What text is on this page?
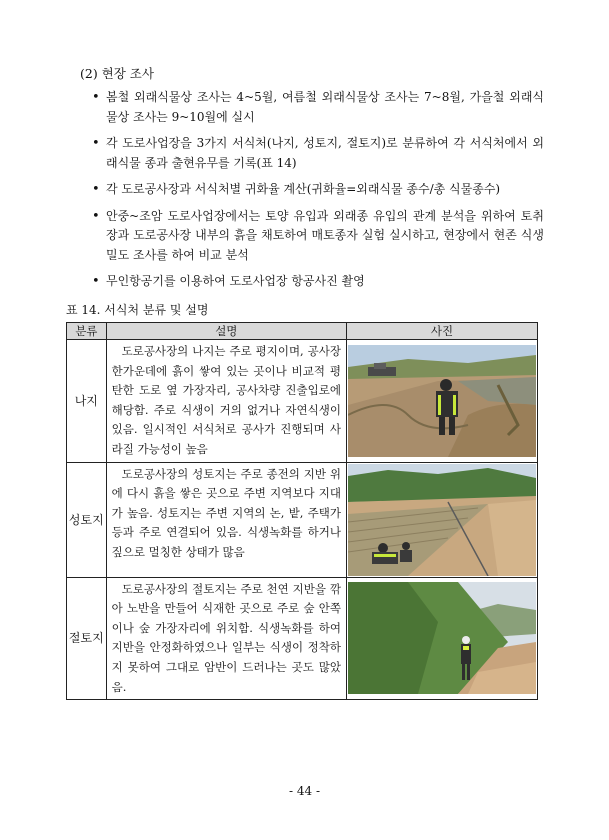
(2) 현장 조사
• 봄철 외래식물상 조사는 4~5월, 여름철 외래식물상 조사는 7~8월, 가을철 외래식물상 조사는 9~10월에 실시
• 각 도로사업장을 3가지 서식처(나지, 성토지, 절토지)로 분류하여 각 서식처에서 외래식물 종과 출현유무를 기록(표 14)
• 각 도로공사장과 서식처별 귀화율 계산(귀화율=외래식물 종수/총 식물종수)
• 안중~조암 도로사업장에서는 토양 유입과 외래종 유입의 관계 분석을 위하여 토취장과 도로공사장 내부의 흙을 채토하여 매토종자 실험 실시하고, 현장에서 현존 식생 밀도 조사를 하여 비교 분석
• 무인항공기를 이용하여 도로사업장 항공사진 촬영
표 14. 서식처 분류 및 설명
분류	설명	사진
나지	도로공사장의 나지는 주로 평지이며, 공사장 한가운데에 흙이 쌓여 있는 곳이나 비교적 평탄한 도로 옆 가장자리, 공사차량 진출입로에 해당함. 주로 식생이 거의 없거나 자연식생이 있음. 일시적인 서식처로 공사가 진행되며 사라질 가능성이 높음	

성토지	도로공사장의 성토지는 주로 종전의 지반 위에 다시 흙을 쌓은 곳으로 주변 지역보다 지대가 높음. 성토지는 주변 지역의 논, 밭, 주택가 등과 주로 연결되어 있음. 식생녹화를 하거나 짚으로 멀칭한 상태가 많음	

절토지	도로공사장의 절토지는 주로 천연 지반을 깎아 노반을 만들어 식재한 곳으로 주로 숲 안쪽이나 숲 가장자리에 위치함. 식생녹화를 하여 지반을 안정화하였으나 일부는 식생이 정착하지 못하여 그대로 암반이 드러나는 곳도 많았음.	
- 44 -
